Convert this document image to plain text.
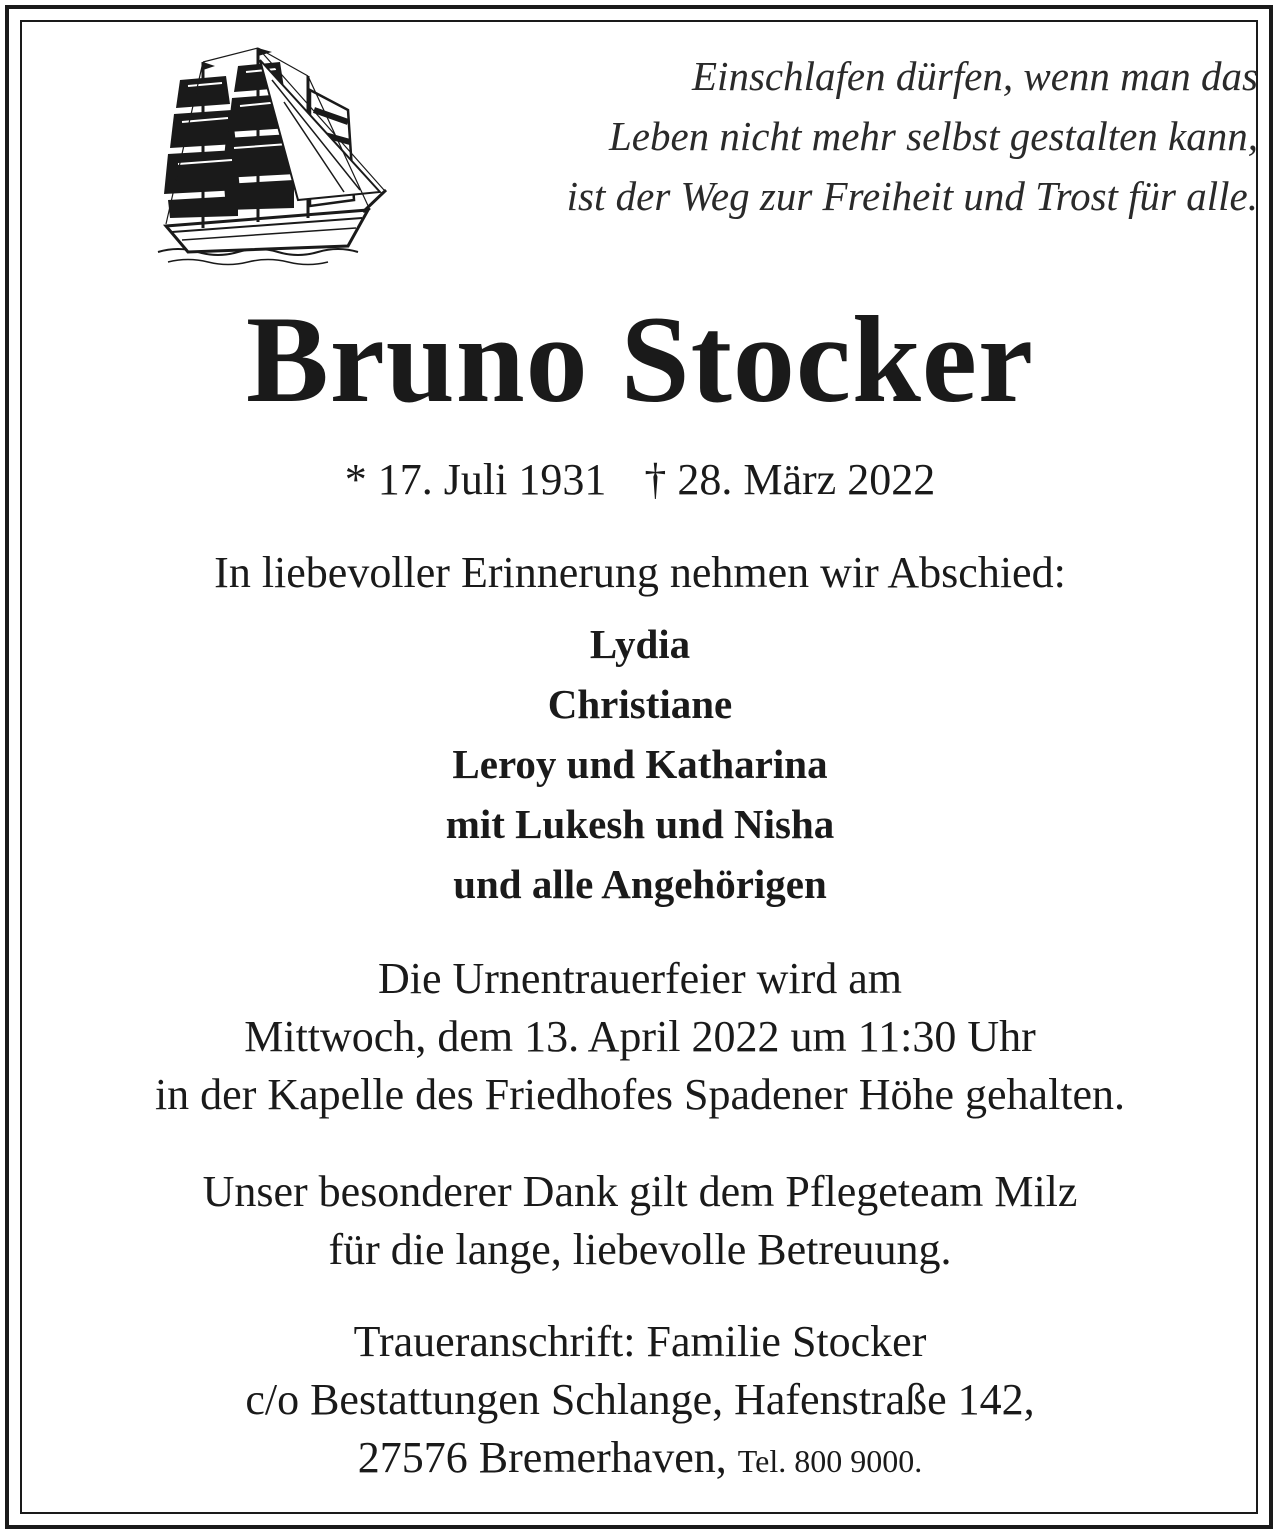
Einschlafen dürfen, wenn man das
Leben nicht mehr selbst gestalten kann,
ist der Weg zur Freiheit und Trost für alle.
Bruno Stocker
* 17. Juli 1931 † 28. März 2022
In liebevoller Erinnerung nehmen wir Abschied:
Lydia
Christiane
Leroy und Katharina
mit Lukesh und Nisha
und alle Angehörigen
Die Urnentrauerfeier wird am
Mittwoch, dem 13. April 2022 um 11:30 Uhr
in der Kapelle des Friedhofes Spadener Höhe gehalten.
Unser besonderer Dank gilt dem Pflegeteam Milz
für die lange, liebevolle Betreuung.
Traueranschrift: Familie Stocker
c/o Bestattungen Schlange, Hafenstraße 142,
27576 Bremerhaven, Tel. 800 9000.
